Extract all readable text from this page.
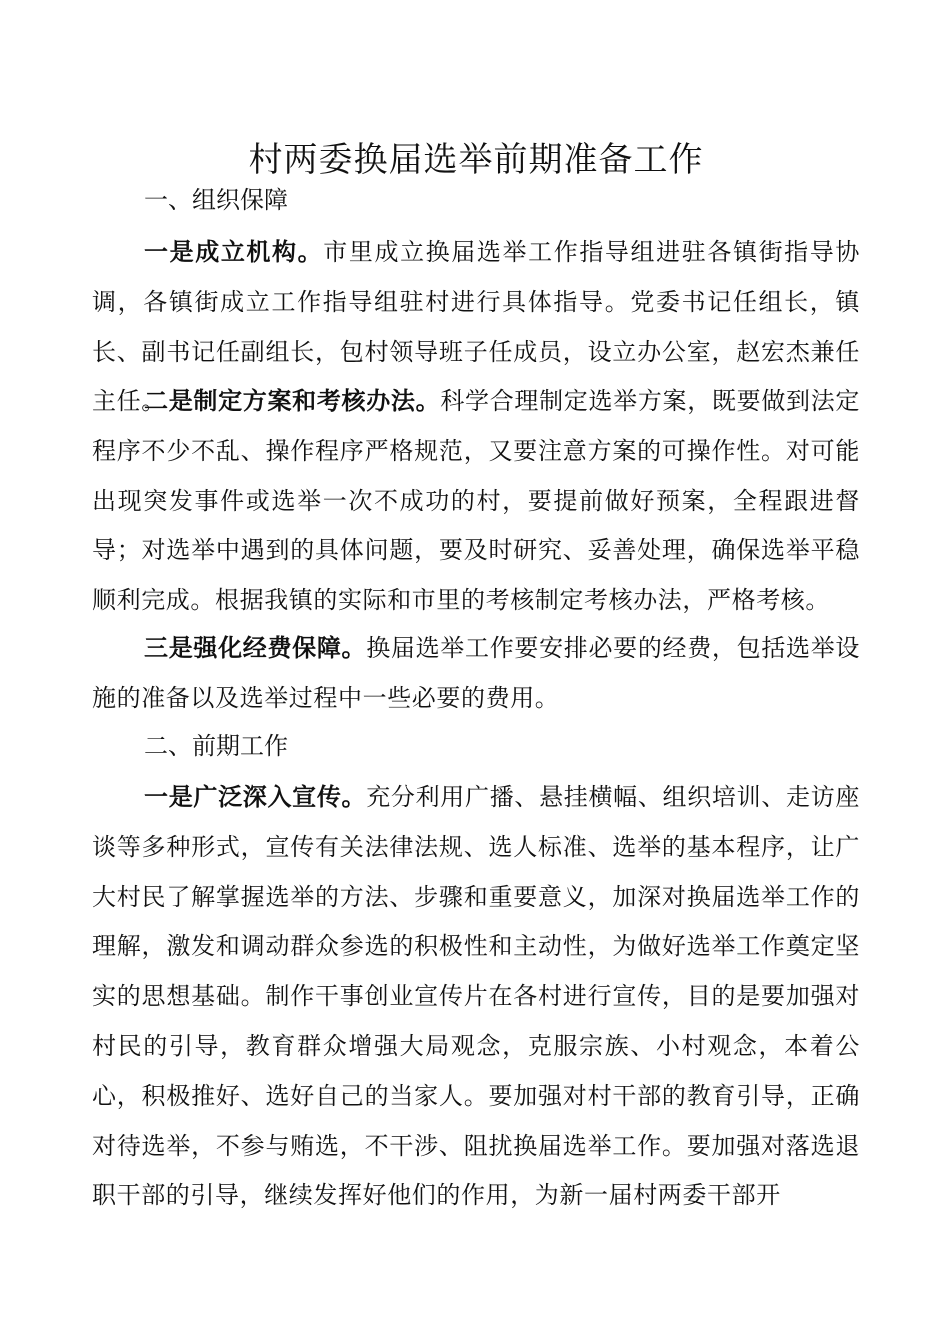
村两委换届选举前期准备工作
一、组织保障

一是成立机构。市里成立换届选举工作指导组进驻各镇街指导协调，各镇街成立工作指导组驻村进行具体指导。党委书记任组长，镇长、副书记任副组长，包村领导班子任成员，设立办公室，赵宏杰兼任主任。

二是制定方案和考核办法。科学合理制定选举方案，既要做到法定程序不少不乱、操作程序严格规范，又要注意方案的可操作性。对可能出现突发事件或选举一次不成功的村，要提前做好预案，全程跟进督导；对选举中遇到的具体问题，要及时研究、妥善处理，确保选举平稳顺利完成。根据我镇的实际和市里的考核制定考核办法，严格考核。

三是强化经费保障。换届选举工作要安排必要的经费，包括选举设施的准备以及选举过程中一些必要的费用。

二、前期工作

一是广泛深入宣传。充分利用广播、悬挂横幅、组织培训、走访座谈等多种形式，宣传有关法律法规、选人标准、选举的基本程序，让广大村民了解掌握选举的方法、步骤和重要意义，加深对换届选举工作的理解，激发和调动群众参选的积极性和主动性，为做好选举工作奠定坚实的思想基础。制作干事创业宣传片在各村进行宣传，目的是要加强对村民的引导，教育群众增强大局观念，克服宗族、小村观念，本着公心，积极推好、选好自己的当家人。要加强对村干部的教育引导，正确对待选举，不参与贿选，不干涉、阻扰换届选举工作。要加强对落选退职干部的引导，继续发挥好他们的作用，为新一届村两委干部开
